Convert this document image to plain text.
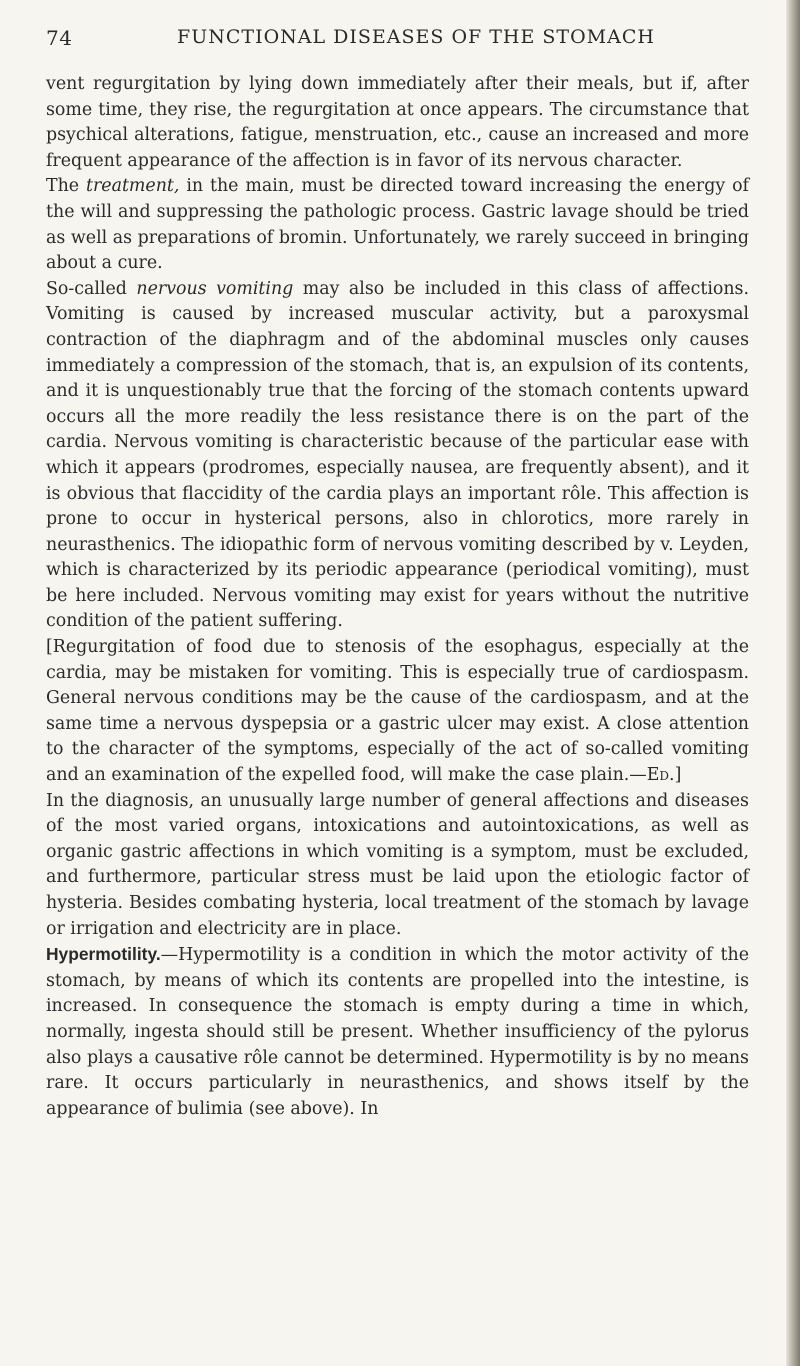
74	FUNCTIONAL DISEASES OF THE STOMACH

vent regurgitation by lying down immediately after their meals, but if, after some time, they rise, the regurgitation at once appears. The circumstance that psychical alterations, fatigue, menstruation, etc., cause an increased and more frequent appearance of the affection is in favor of its nervous character.

The treatment, in the main, must be directed toward increasing the energy of the will and suppressing the pathologic process. Gastric lavage should be tried as well as preparations of bromin. Unfortunately, we rarely succeed in bringing about a cure.

So-called nervous vomiting may also be included in this class of affections. Vomiting is caused by increased muscular activity, but a paroxysmal contraction of the diaphragm and of the abdominal muscles only causes immediately a compression of the stomach, that is, an expulsion of its contents, and it is unquestionably true that the forcing of the stomach contents upward occurs all the more readily the less resistance there is on the part of the cardia. Nervous vomiting is characteristic because of the particular ease with which it appears (prodromes, especially nausea, are frequently absent), and it is obvious that flaccidity of the cardia plays an important rôle. This affection is prone to occur in hysterical persons, also in chlorotics, more rarely in neurasthenics. The idiopathic form of nervous vomiting described by v. Leyden, which is characterized by its periodic appearance (periodical vomiting), must be here included. Nervous vomiting may exist for years without the nutritive condition of the patient suffering.

[Regurgitation of food due to stenosis of the esophagus, especially at the cardia, may be mistaken for vomiting. This is especially true of cardiospasm. General nervous conditions may be the cause of the cardiospasm, and at the same time a nervous dyspepsia or a gastric ulcer may exist. A close attention to the character of the symptoms, especially of the act of so-called vomiting and an examination of the expelled food, will make the case plain.—Ed.]

In the diagnosis, an unusually large number of general affections and diseases of the most varied organs, intoxications and autointoxications, as well as organic gastric affections in which vomiting is a symptom, must be excluded, and furthermore, particular stress must be laid upon the etiologic factor of hysteria. Besides combating hysteria, local treatment of the stomach by lavage or irrigation and electricity are in place.

Hypermotility.—Hypermotility is a condition in which the motor activity of the stomach, by means of which its contents are propelled into the intestine, is increased. In consequence the stomach is empty during a time in which, normally, ingesta should still be present. Whether insufficiency of the pylorus also plays a causative rôle cannot be determined. Hypermotility is by no means rare. It occurs particularly in neurasthenics, and shows itself by the appearance of bulimia (see above). In
